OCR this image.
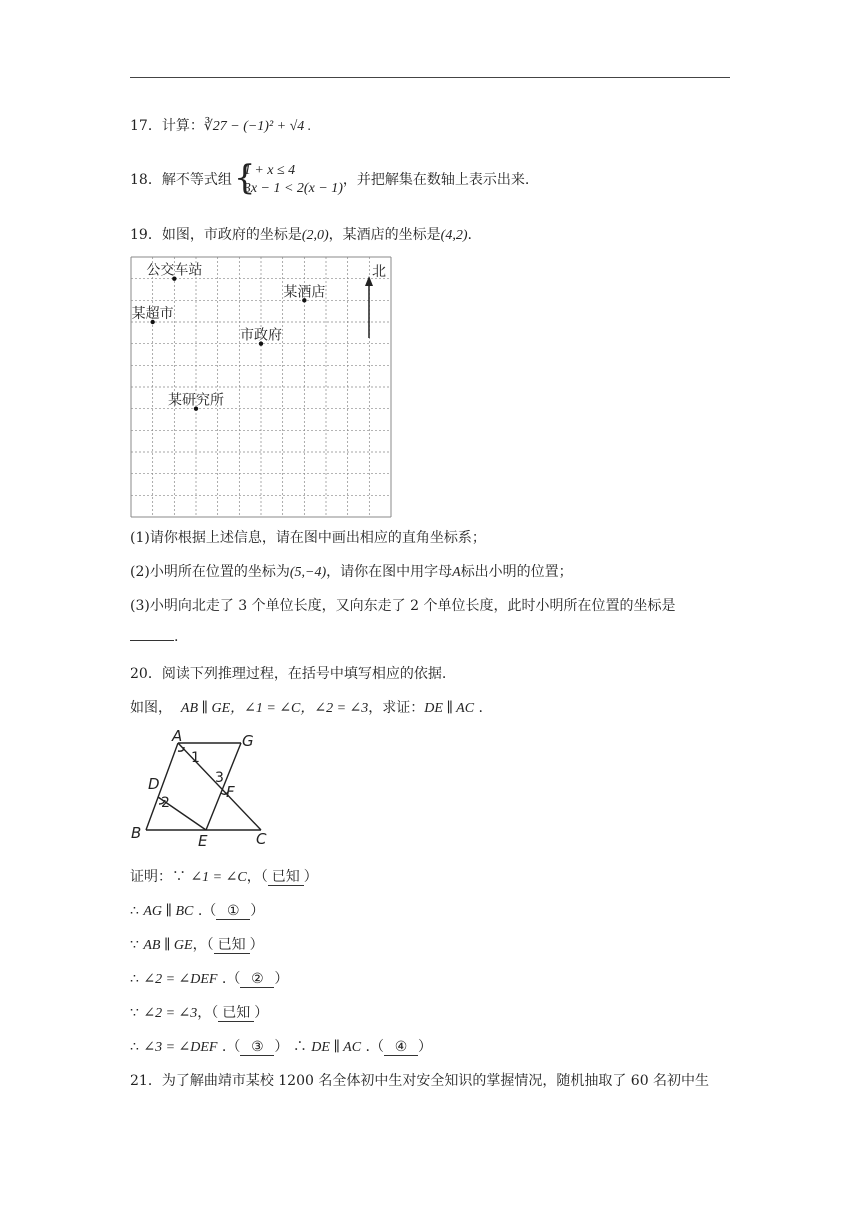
17．计算：∛27 − (−1)² + √4 .
18．解不等式组 {
1 + x ≤ 4
3x − 1 < 2(x − 1)
，并把解集在数轴上表示出来.
19．如图，市政府的坐标是(2,0)，某酒店的坐标是(4,2).
公交车站
某酒店
某超市
市政府
某研究所
北
(1)请你根据上述信息，请在图中画出相应的直角坐标系；
(2)小明所在位置的坐标为(5,−4)，请你在图中用字母A标出小明的位置；
(3)小明向北走了 3 个单位长度，又向东走了 2 个单位长度，此时小明所在位置的坐标是
.
20．阅读下列推理过程，在括号中填写相应的依据.
如图， AB ∥ GE，∠1 = ∠C，∠2 = ∠3，求证：DE ∥ AC .
A	G
D	F
B	E	C
1
2
3
证明：∵ ∠1 = ∠C，（ 已知 ）
∴ AG ∥ BC .（ ① ）
∵ AB ∥ GE，（ 已知 ）
∴ ∠2 = ∠DEF .（ ② ）
∵ ∠2 = ∠3，（ 已知 ）
∴ ∠3 = ∠DEF .（ ③ ） ∴ DE ∥ AC .（ ④ ）
21．为了解曲靖市某校 1200 名全体初中生对安全知识的掌握情况，随机抽取了 60 名初中生
